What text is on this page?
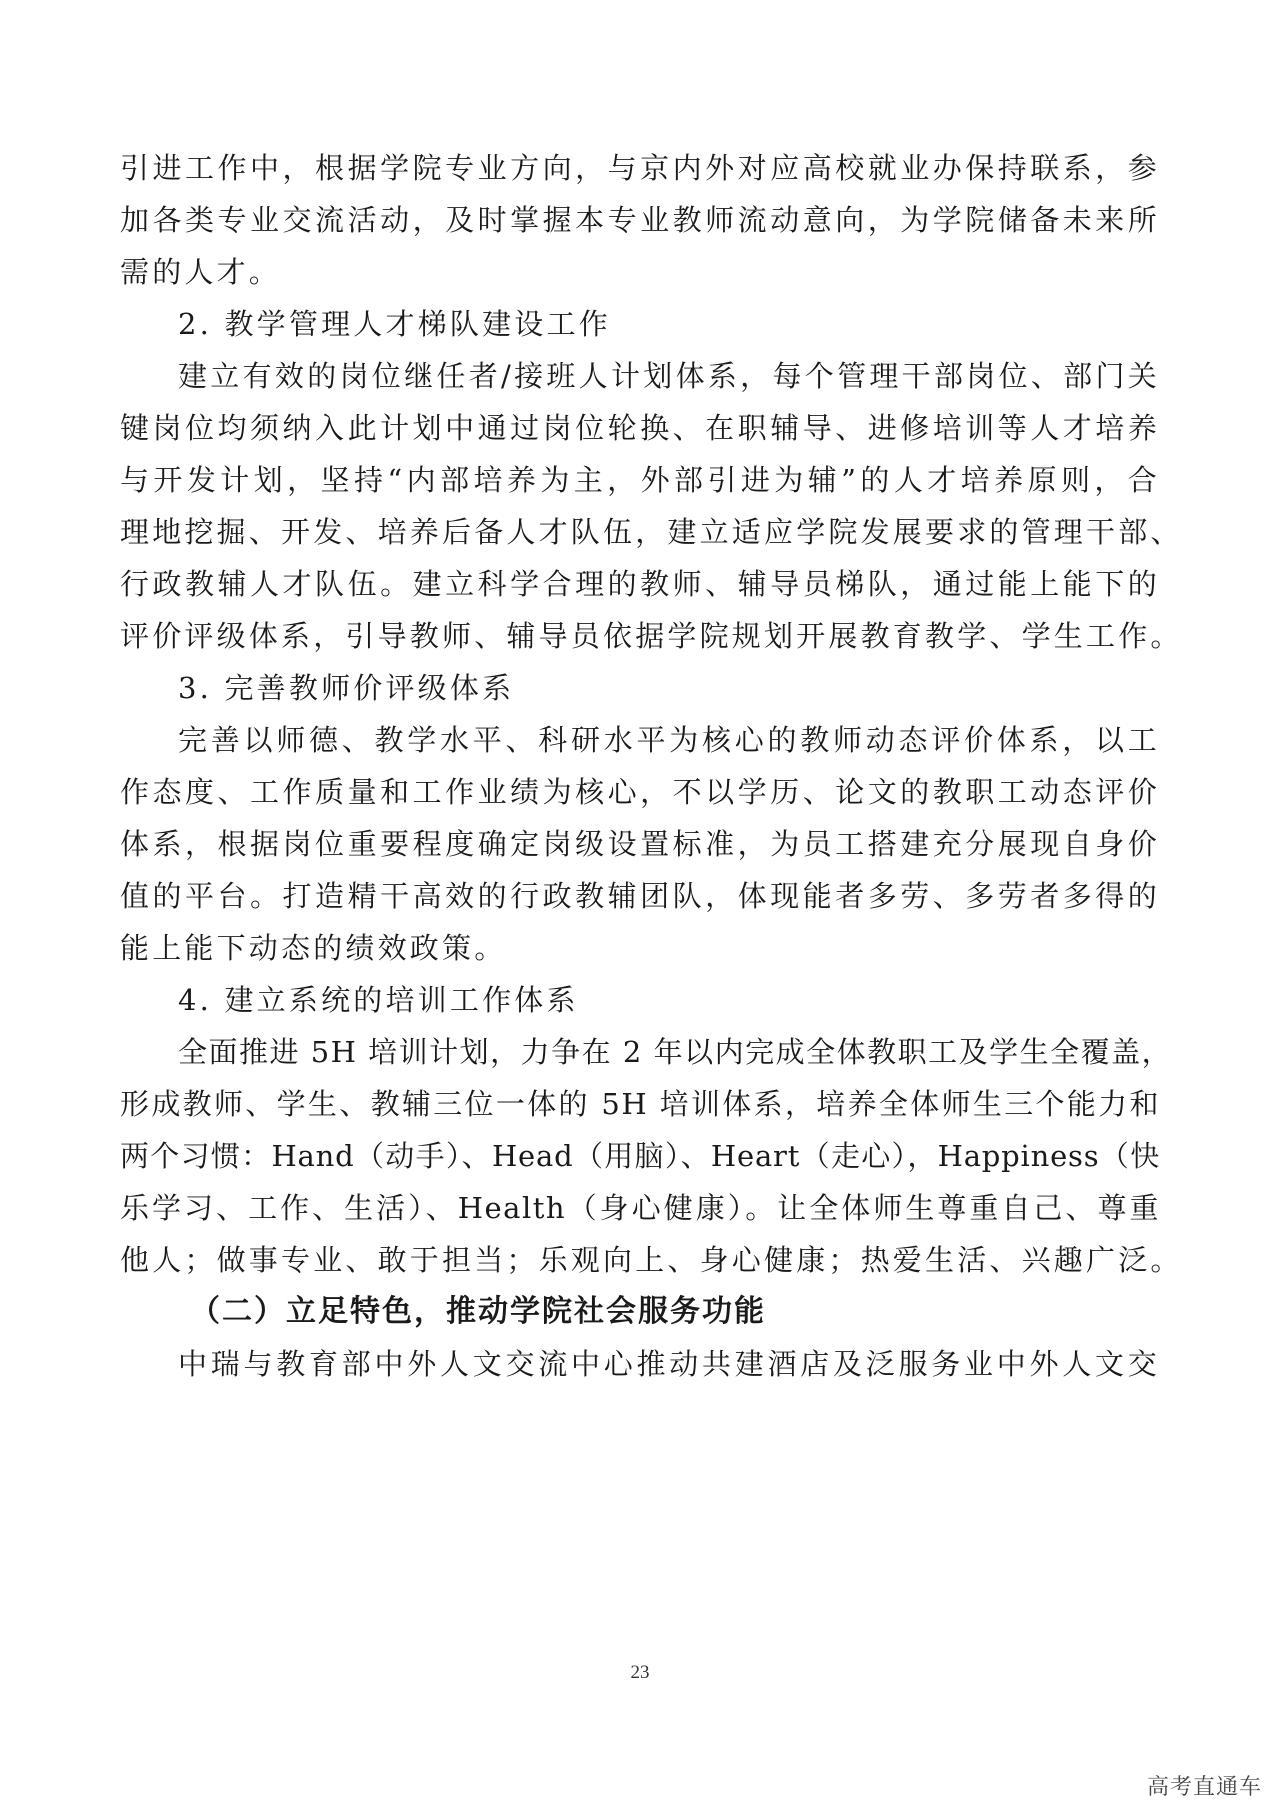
引进工作中，根据学院专业方向，与京内外对应高校就业办保持联系，参
加各类专业交流活动，及时掌握本专业教师流动意向，为学院储备未来所
需的人才。
2. 教学管理人才梯队建设工作
建立有效的岗位继任者/接班人计划体系，每个管理干部岗位、部门关
键岗位均须纳入此计划中通过岗位轮换、在职辅导、进修培训等人才培养
与开发计划，坚持“内部培养为主，外部引进为辅”的人才培养原则，合
理地挖掘、开发、培养后备人才队伍，建立适应学院发展要求的管理干部、
行政教辅人才队伍。建立科学合理的教师、辅导员梯队，通过能上能下的
评价评级体系，引导教师、辅导员依据学院规划开展教育教学、学生工作。
3. 完善教师价评级体系
完善以师德、教学水平、科研水平为核心的教师动态评价体系，以工
作态度、工作质量和工作业绩为核心，不以学历、论文的教职工动态评价
体系，根据岗位重要程度确定岗级设置标准，为员工搭建充分展现自身价
值的平台。打造精干高效的行政教辅团队，体现能者多劳、多劳者多得的
能上能下动态的绩效政策。
4. 建立系统的培训工作体系
全面推进 5H 培训计划，力争在 2 年以内完成全体教职工及学生全覆盖，
形成教师、学生、教辅三位一体的 5H 培训体系，培养全体师生三个能力和
两个习惯：Hand（动手）、Head（用脑）、Heart（走心），Happiness（快
乐学习、工作、生活）、Health（身心健康）。让全体师生尊重自己、尊重
他人；做事专业、敢于担当；乐观向上、身心健康；热爱生活、兴趣广泛。
（二）立足特色，推动学院社会服务功能
中瑞与教育部中外人文交流中心推动共建酒店及泛服务业中外人文交
23
高考直通车
